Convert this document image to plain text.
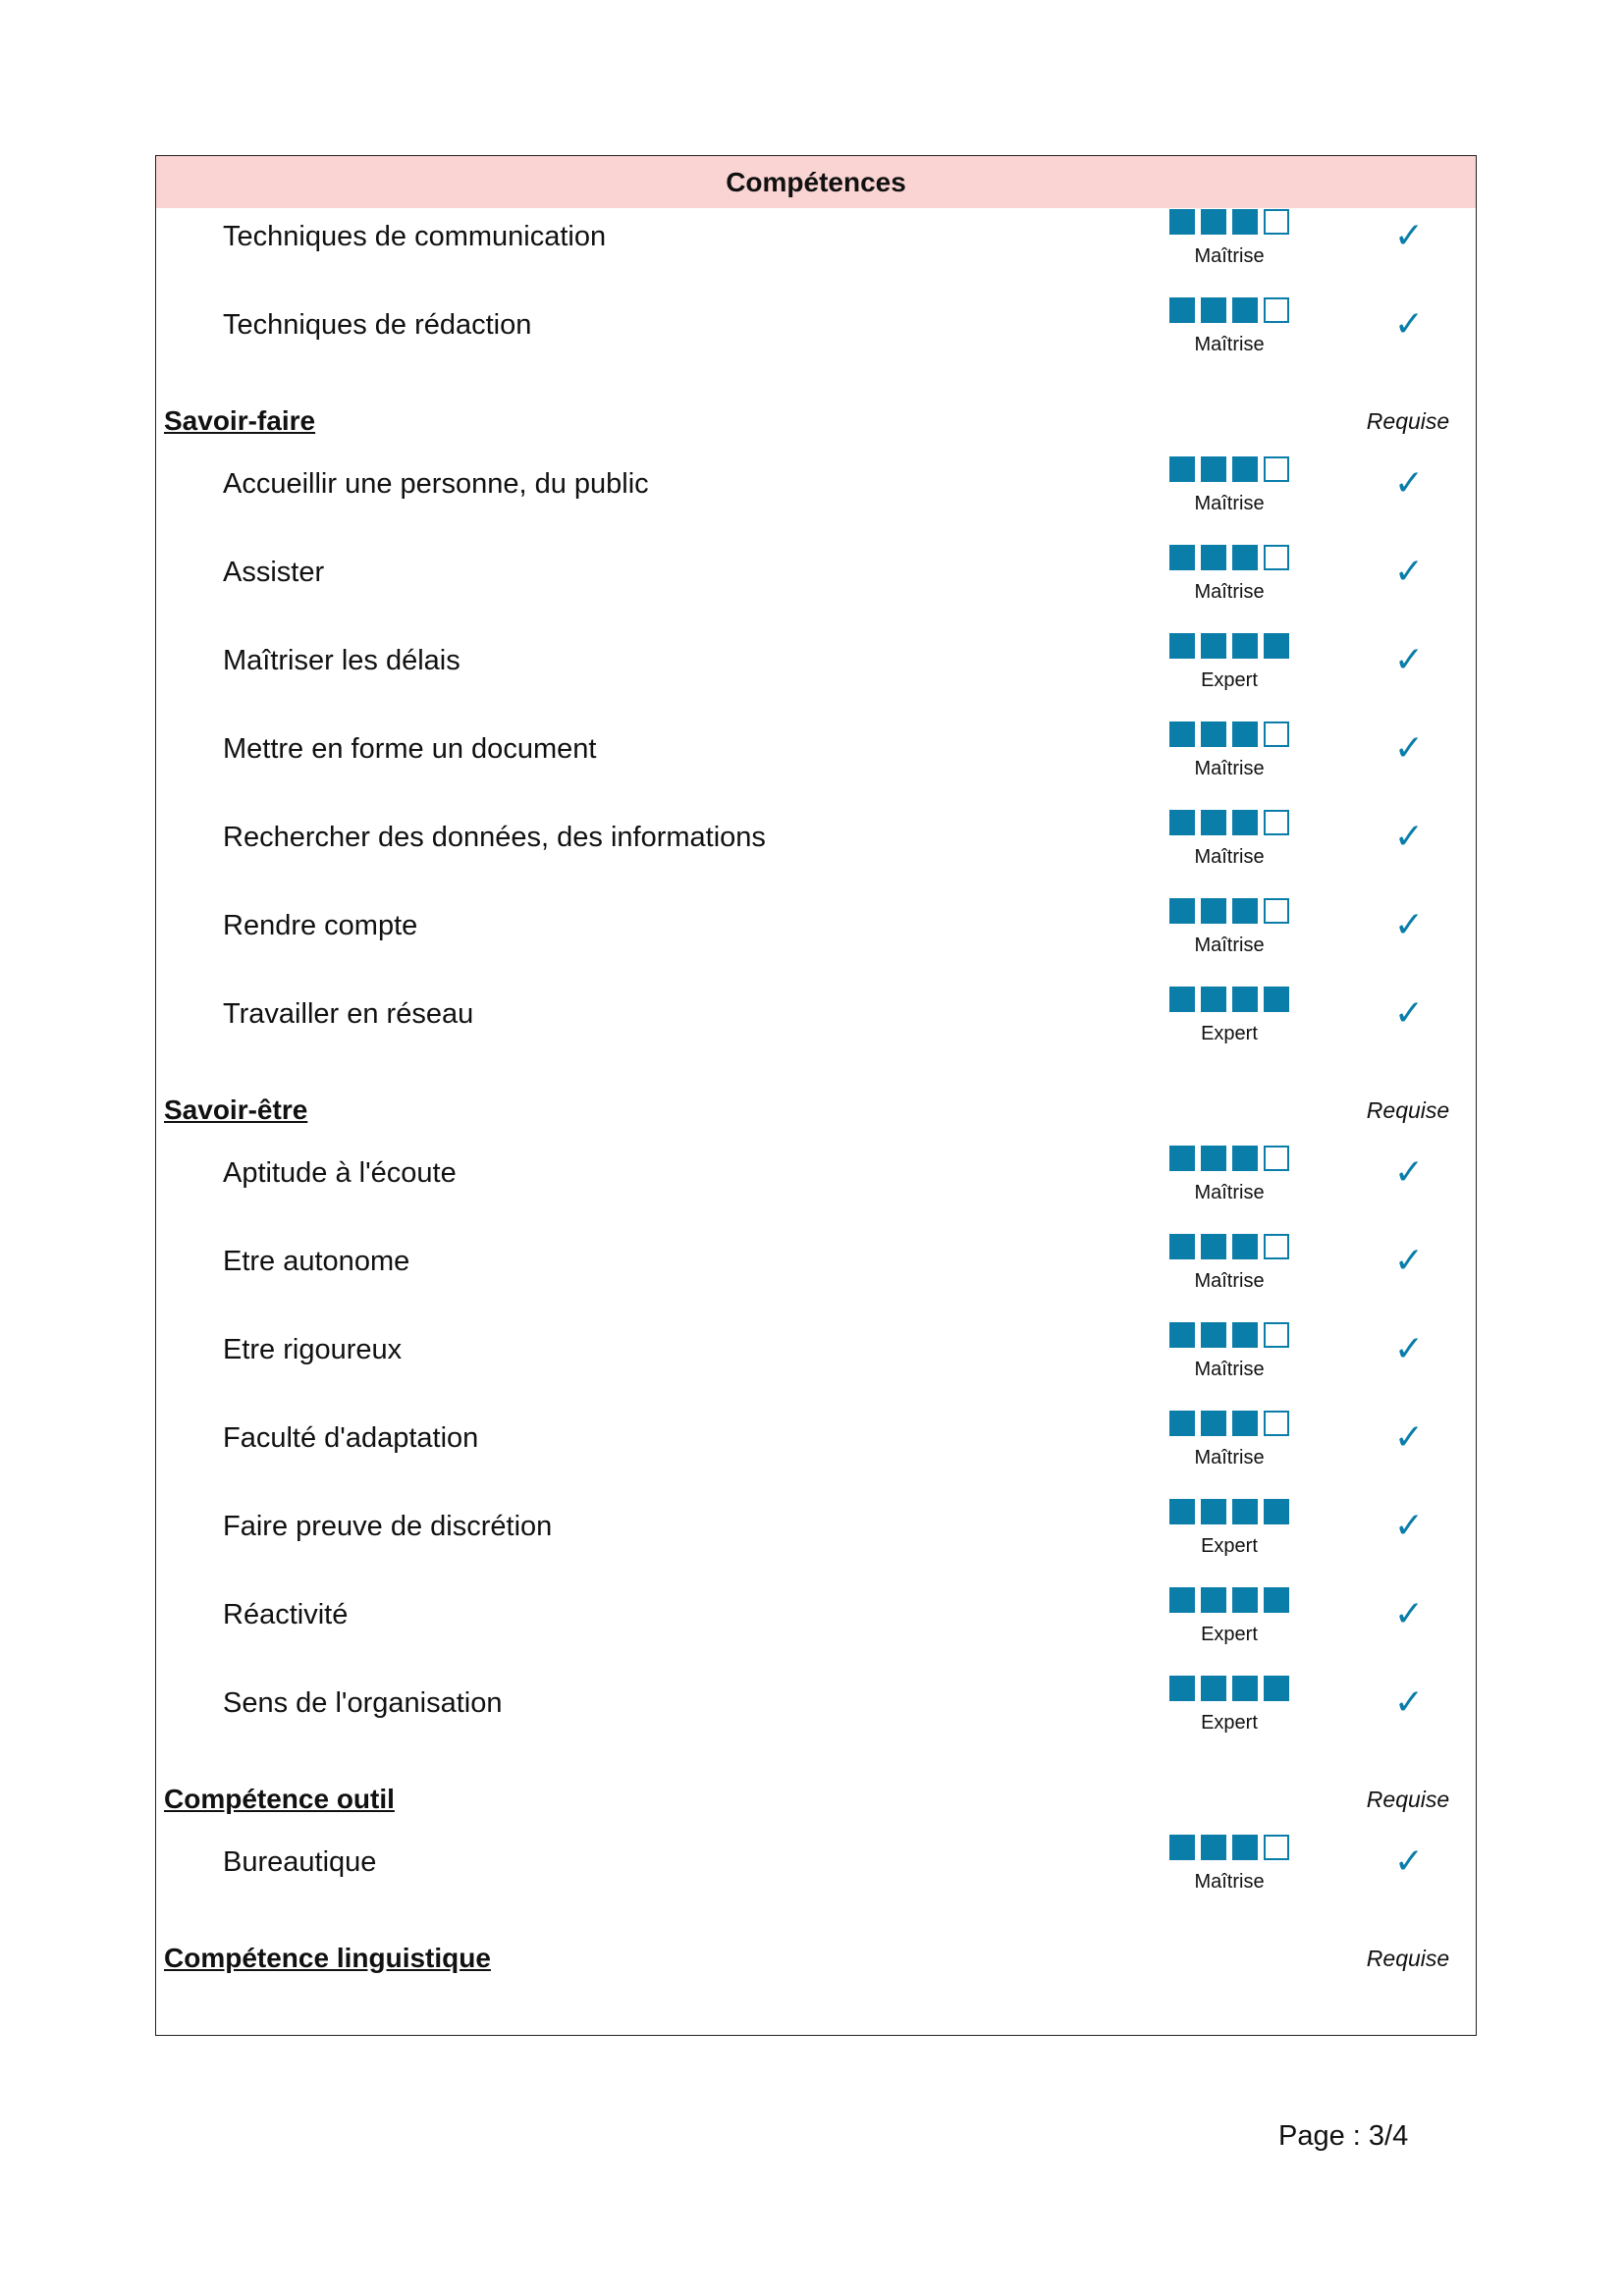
Compétences
Techniques de communication
Maîtrise	✓
Techniques de rédaction
Maîtrise	✓
Savoir-faire	Requise
Accueillir une personne, du public
Maîtrise	✓
Assister
Maîtrise	✓
Maîtriser les délais
Expert	✓
Mettre en forme un document
Maîtrise	✓
Rechercher des données, des informations
Maîtrise	✓
Rendre compte
Maîtrise	✓
Travailler en réseau
Expert	✓
Savoir-être	Requise
Aptitude à l'écoute
Maîtrise	✓
Etre autonome
Maîtrise	✓
Etre rigoureux
Maîtrise	✓
Faculté d'adaptation
Maîtrise	✓
Faire preuve de discrétion
Expert	✓
Réactivité
Expert	✓
Sens de l'organisation
Expert	✓
Compétence outil	Requise
Bureautique
Maîtrise	✓
Compétence linguistique	Requise
Page : 3/4
